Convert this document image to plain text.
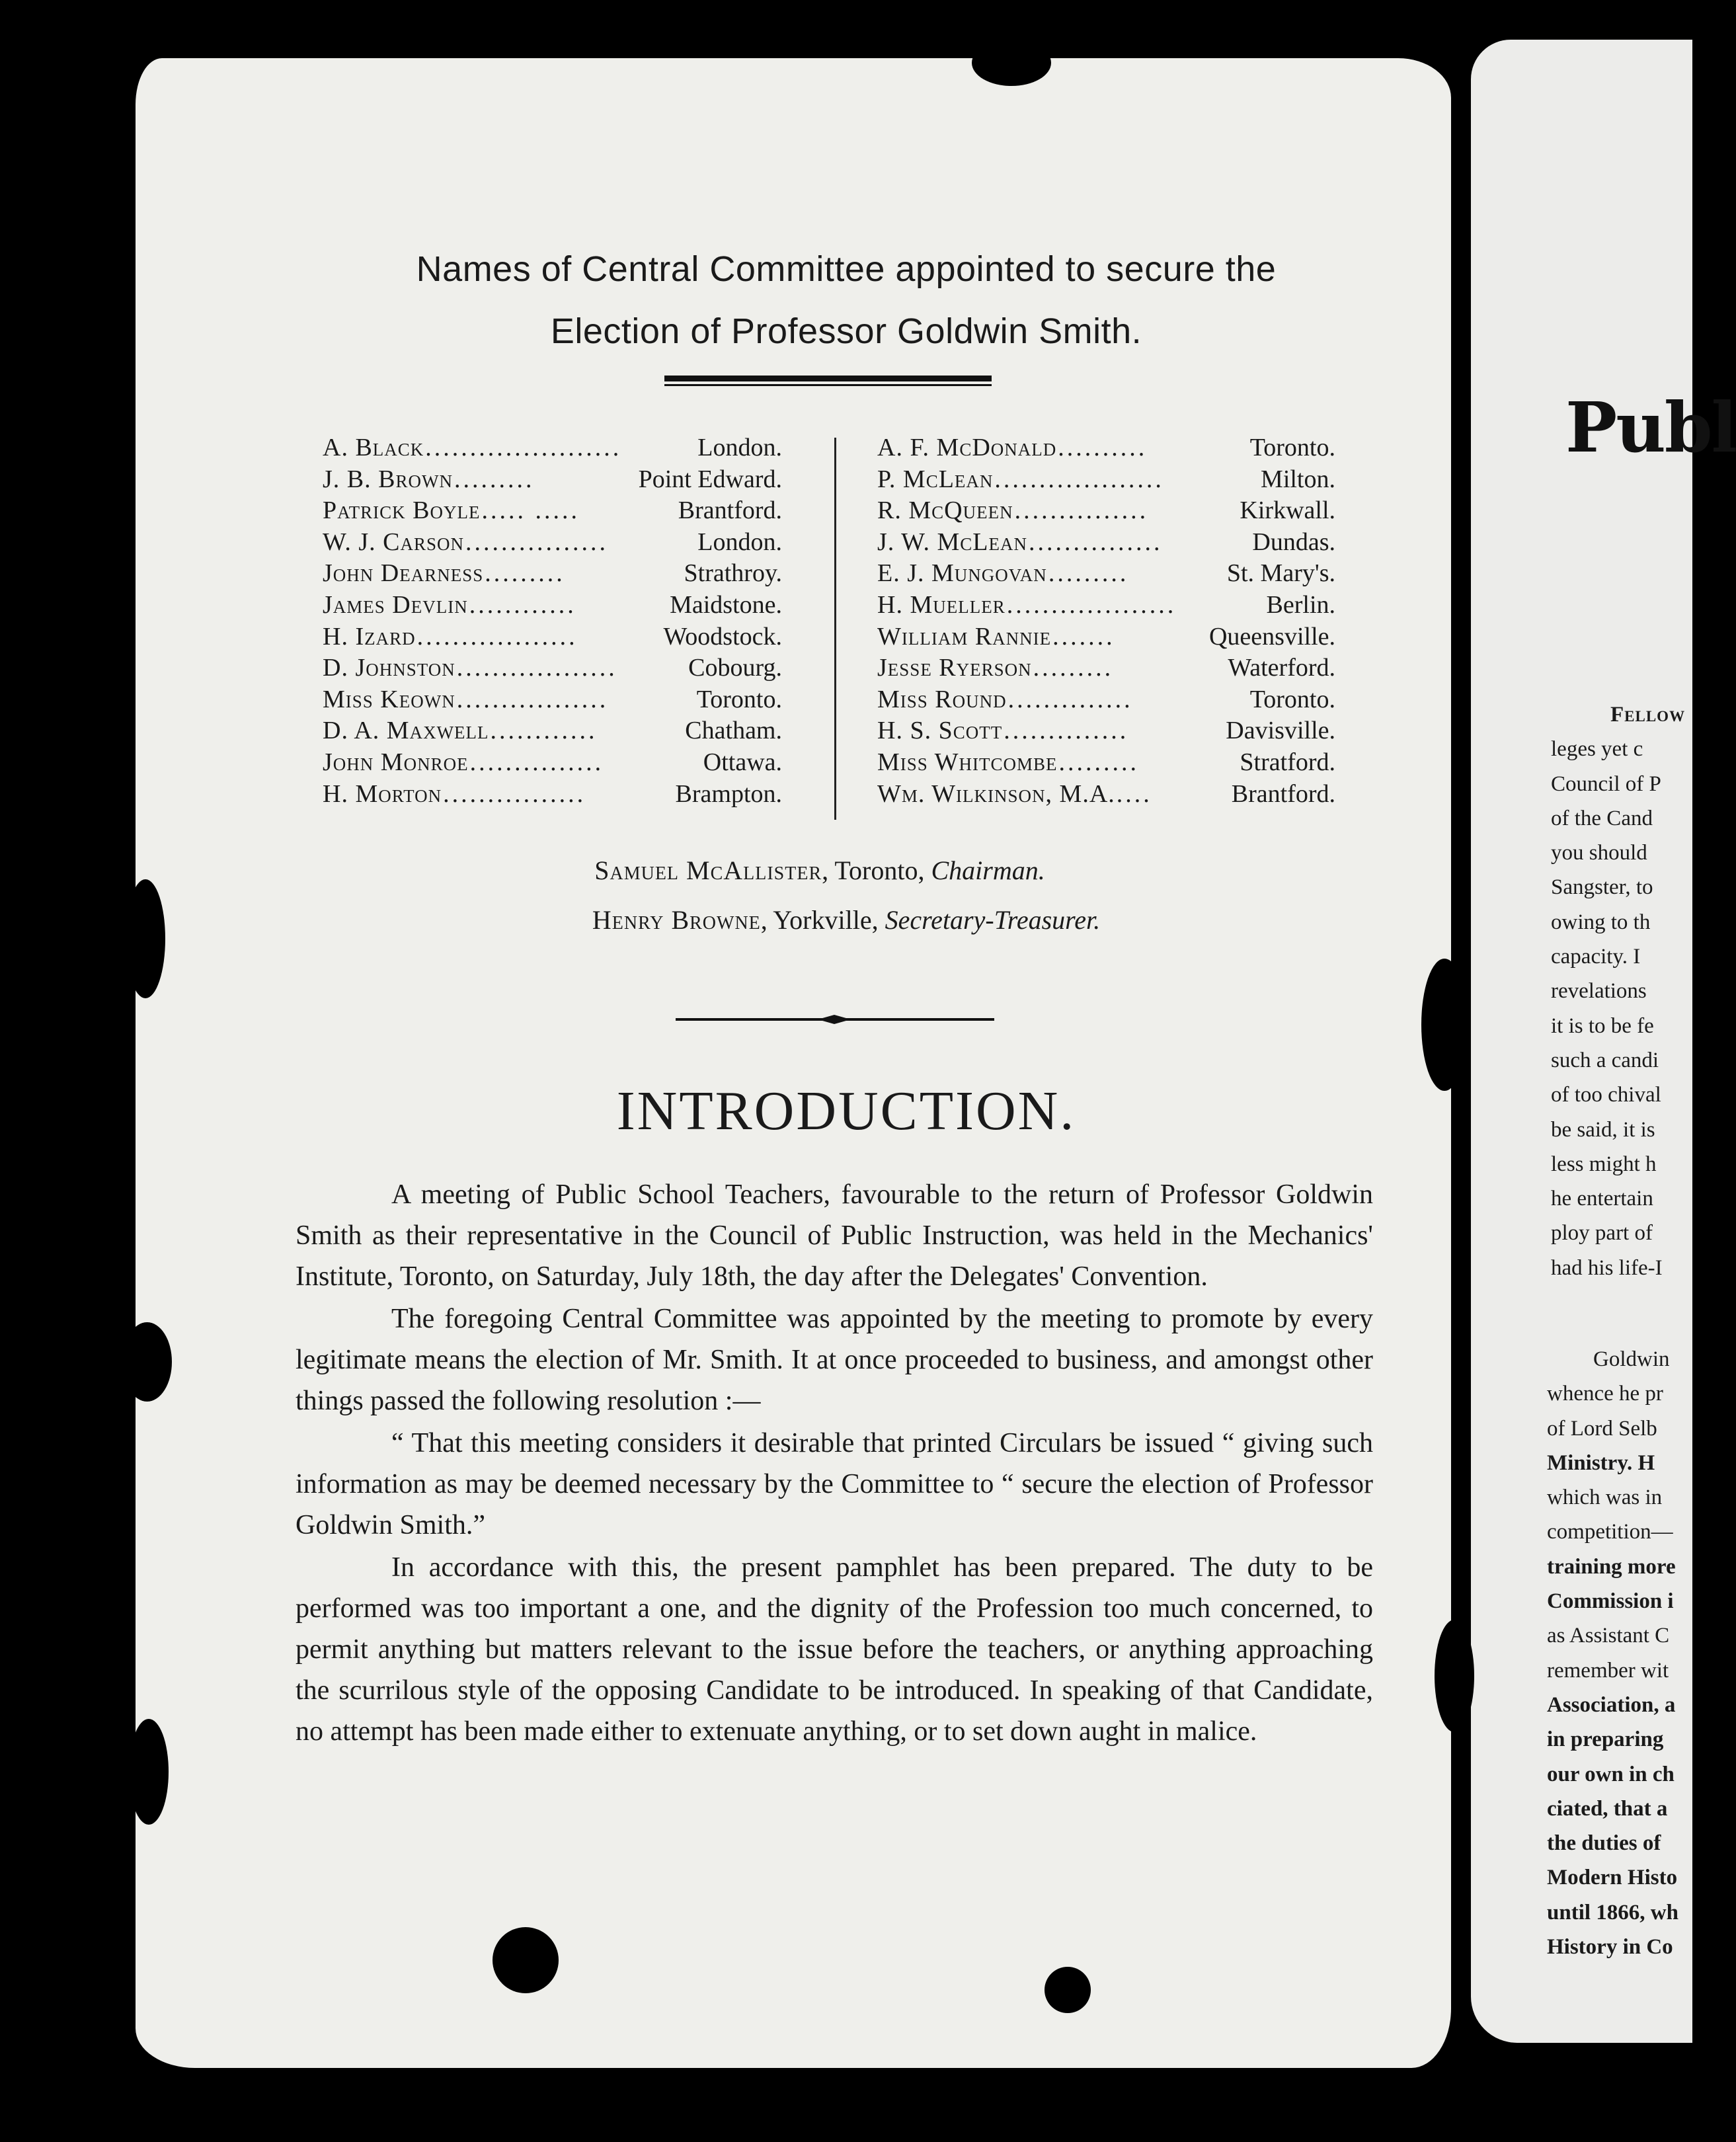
Names of Central Committee appointed to secure the
Election of Professor Goldwin Smith.
A. Black ......................	London.
J. B. Brown .........	Point Edward.
Patrick Boyle ..... .....	Brantford.
W. J. Carson ................	London.
John Dearness .........	Strathroy.
James Devlin ............	Maidstone.
H. Izard ..................	Woodstock.
D. Johnston ..................	Cobourg.
Miss Keown .................	Toronto.
D. A. Maxwell ............	Chatham.
John Monroe ...............	Ottawa.
H. Morton ................	Brampton.
A. F. McDonald ..........	Toronto.
P. McLean ...................	Milton.
R. McQueen ...............	Kirkwall.
J. W. McLean ...............	Dundas.
E. J. Mungovan .........	St. Mary's.
H. Mueller ...................	Berlin.
William Rannie .......	Queensville.
Jesse Ryerson .........	Waterford.
Miss Round ..............	Toronto.
H. S. Scott ..............	Davisville.
Miss Whitcombe .........	Stratford.
Wm. Wilkinson, M.A. ....	Brantford.
Samuel McAllister, Toronto, Chairman.
Henry Browne, Yorkville, Secretary-Treasurer.
INTRODUCTION.

A meeting of Public School Teachers, favourable to the return of Professor Goldwin Smith as their representative in the Council of Public Instruction, was held in the Mechanics' Institute, Toronto, on Saturday, July 18th, the day after the Delegates' Convention.

The foregoing Central Committee was appointed by the meeting to promote by every legitimate means the election of Mr. Smith. It at once proceeded to business, and amongst other things passed the following resolution :—

“ That this meeting considers it desirable that printed Circulars be issued “ giving such information as may be deemed necessary by the Committee to “ secure the election of Professor Goldwin Smith.”

In accordance with this, the present pamphlet has been prepared. The duty to be performed was too important a one, and the dignity of the Profession too much concerned, to permit anything but matters relevant to the issue before the teachers, or anything approaching the scurrilous style of the opposing Candidate to be introduced. In speaking of that Candidate, no attempt has been made either to extenuate anything, or to set down aught in malice.

Publ
Fellow
leges yet c
Council of P
of the Cand
you should
Sangster, to
owing to th
capacity. I
revelations
it is to be fe
such a candi
of too chival
be said, it is
less might h
he entertain
ploy part of
had his life-I
Goldwin
whence he pr
of Lord Selb
Ministry. H
which was in
competition—
training more
Commission i
as Assistant C
remember wit
Association, a
in preparing
our own in ch
ciated, that a
the duties of
Modern Histo
until 1866, wh
History in Co
